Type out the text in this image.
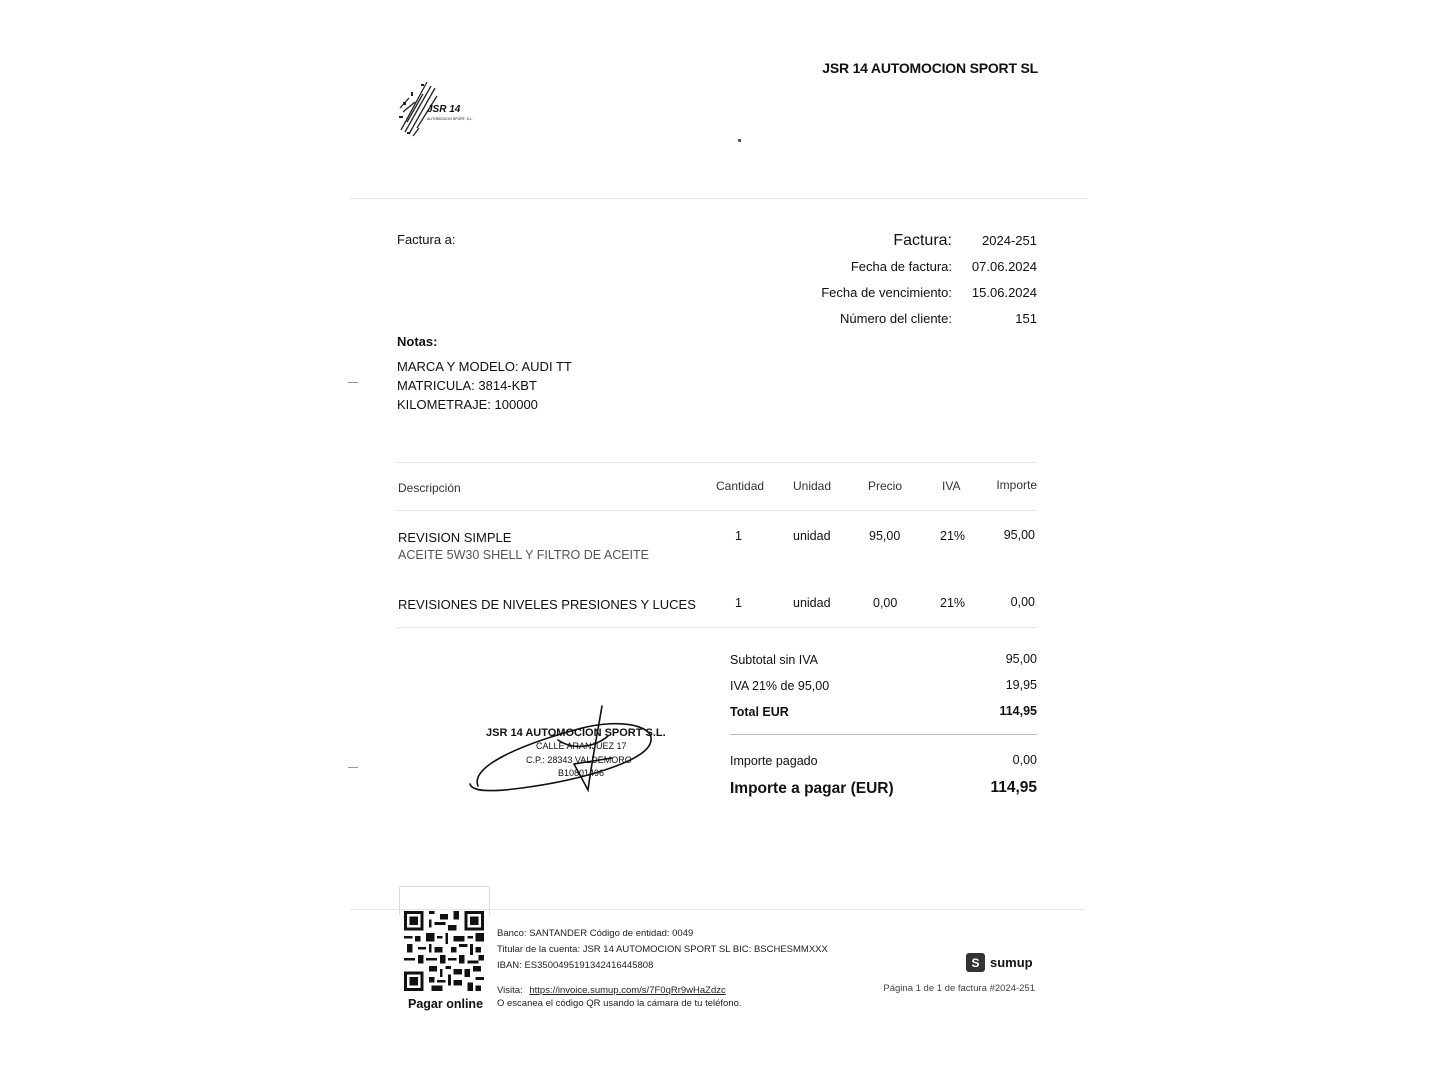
JSR 14 AUTOMOCION SPORT SL
JSR 14
AUTOMOCION SPORT, S.L.
Factura a:	Factura: 2024-251
Fecha de factura: 07.06.2024
Fecha de vencimiento: 15.06.2024
Número del cliente:	151
Notas:
MARCA Y MODELO: AUDI TT
MATRICULA: 3814-KBT
KILOMETRAJE: 100000
Descripción	Cantidad Unidad	Precio	IVA	Importe
REVISION SIMPLE
ACEITE 5W30 SHELL Y FILTRO DE ACEITE
1	unidad	95,00	21%	95,00
REVISIONES DE NIVELES PRESIONES Y LUCES	1	unidad	0,00	21%	0,00
Subtotal sin IVA	95,00
IVA 21% de 95,00	19,95
Total EUR	114,95
Importe pagado	0,00
Importe a pagar (EUR)	114,95
JSR 14 AUTOMOCION SPORT S.L.
CALLE ARANJUEZ 17
C.P.: 28343 VALDEMORO
B10801496
Pagar online
Banco: SANTANDER Código de entidad: 0049
Titular de la cuenta: JSR 14 AUTOMOCION SPORT SL BIC: BSCHESMMXXX
IBAN: ES3500495191342416445808
Visita: https://invoice.sumup.com/s/7F0qRr9wHaZdzc
O escanea el código QR usando la cámara de tu teléfono.
S sumup
Página 1 de 1 de factura #2024-251
